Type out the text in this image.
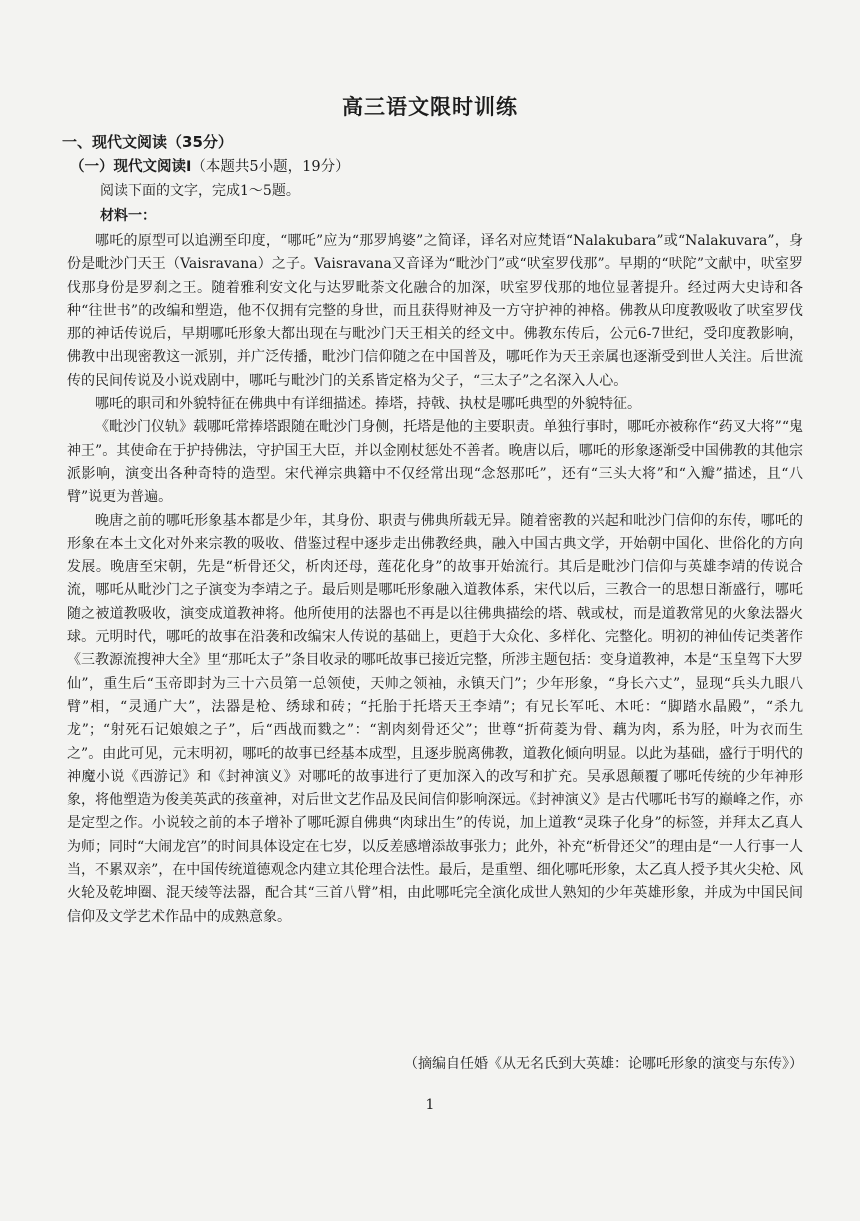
高三语文限时训练
一、现代文阅读（35分）
（一）现代文阅读Ⅰ（本题共5小题，19分）
阅读下面的文字，完成1～5题。
材料一：

哪吒的原型可以追溯至印度，“哪吒”应为“那罗鸠婆”之简译，译名对应梵语“Nalakubara”或“Nalakuvara”，身份是毗沙门天王（Vaisravana）之子。Vaisravana又音译为“毗沙门”或“吠室罗伐那”。早期的“吠陀”文献中，吠室罗伐那身份是罗刹之王。随着雅利安文化与达罗毗荼文化融合的加深，吠室罗伐那的地位显著提升。经过两大史诗和各种“往世书”的改编和塑造，他不仅拥有完整的身世，而且获得财神及一方守护神的神格。佛教从印度教吸收了吠室罗伐那的神话传说后，早期哪吒形象大都出现在与毗沙门天王相关的经文中。佛教东传后，公元6-7世纪，受印度教影响，佛教中出现密教这一派别，并广泛传播，毗沙门信仰随之在中国普及，哪吒作为天王亲属也逐渐受到世人关注。后世流传的民间传说及小说戏剧中，哪吒与毗沙门的关系皆定格为父子，“三太子”之名深入人心。

哪吒的职司和外貌特征在佛典中有详细描述。捧塔，持戟、执杖是哪吒典型的外貌特征。

《毗沙门仪轨》载哪吒常捧塔跟随在毗沙门身侧，托塔是他的主要职责。单独行事时，哪吒亦被称作“药叉大将”“鬼神王”。其使命在于护持佛法，守护国王大臣，并以金刚杖惩处不善者。晚唐以后，哪吒的形象逐渐受中国佛教的其他宗派影响，演变出各种奇特的造型。宋代禅宗典籍中不仅经常出现“念怒那吒”，还有“三头大将”和“入瓣”描述，且“八臂”说更为普遍。

晚唐之前的哪吒形象基本都是少年，其身份、职责与佛典所载无异。随着密教的兴起和吡沙门信仰的东传，哪吒的形象在本土文化对外来宗教的吸收、借鉴过程中逐步走出佛教经典，融入中国古典文学，开始朝中国化、世俗化的方向发展。晚唐至宋朝，先是“析骨还父，析肉还母，莲花化身”的故事开始流行。其后是毗沙门信仰与英雄李靖的传说合流，哪吒从毗沙门之子演变为李靖之子。最后则是哪吒形象融入道教体系，宋代以后，三教合一的思想日渐盛行，哪吒随之被道教吸收，演变成道教神将。他所使用的法器也不再是以往佛典描绘的塔、戟或杖，而是道教常见的火象法器火球。元明时代，哪吒的故事在沿袭和改编宋人传说的基础上，更趋于大众化、多样化、完整化。明初的神仙传记类著作《三教源流搜神大全》里“那吒太子”条目收录的哪吒故事已接近完整，所涉主题包括：变身道教神，本是“玉皇驾下大罗仙”，重生后“玉帝即封为三十六员第一总领使，天帅之领袖，永镇天门”；少年形象，“身长六丈”，显现“兵头九眼八臂”相，“灵通广大”，法器是枪、绣球和砖；“托胎于托塔天王李靖”；有兄长军吒、木吒：“脚踏水晶殿”，“杀九龙”；“射死石记娘娘之子”，后“西战而戮之”：“割肉刻骨还父”；世尊“折荷菱为骨、藕为肉，系为胫，叶为衣而生之”。由此可见，元末明初，哪吒的故事已经基本成型，且逐步脱离佛教，道教化倾向明显。以此为基础，盛行于明代的神魔小说《西游记》和《封神演义》对哪吒的故事进行了更加深入的改写和扩充。吴承恩颠覆了哪吒传统的少年神形象，将他塑造为俊美英武的孩童神，对后世文艺作品及民间信仰影响深远。《封神演义》是古代哪吒书写的巅峰之作，亦是定型之作。小说较之前的本子增补了哪吒源自佛典“肉球出生”的传说，加上道教“灵珠子化身”的标签，并拜太乙真人为师；同时“大闹龙宫”的时间具体设定在七岁，以反差感增添故事张力；此外，补充“析骨还父”的理由是“一人行事一人当，不累双亲”，在中国传统道德观念内建立其伦理合法性。最后，是重塑、细化哪吒形象，太乙真人授予其火尖枪、风火轮及乾坤圈、混天绫等法器，配合其“三首八臂”相，由此哪吒完全演化成世人熟知的少年英雄形象，并成为中国民间信仰及文学艺术作品中的成熟意象。

（摘编自任婚《从无名氏到大英雄：论哪吒形象的演变与东传》）
1
